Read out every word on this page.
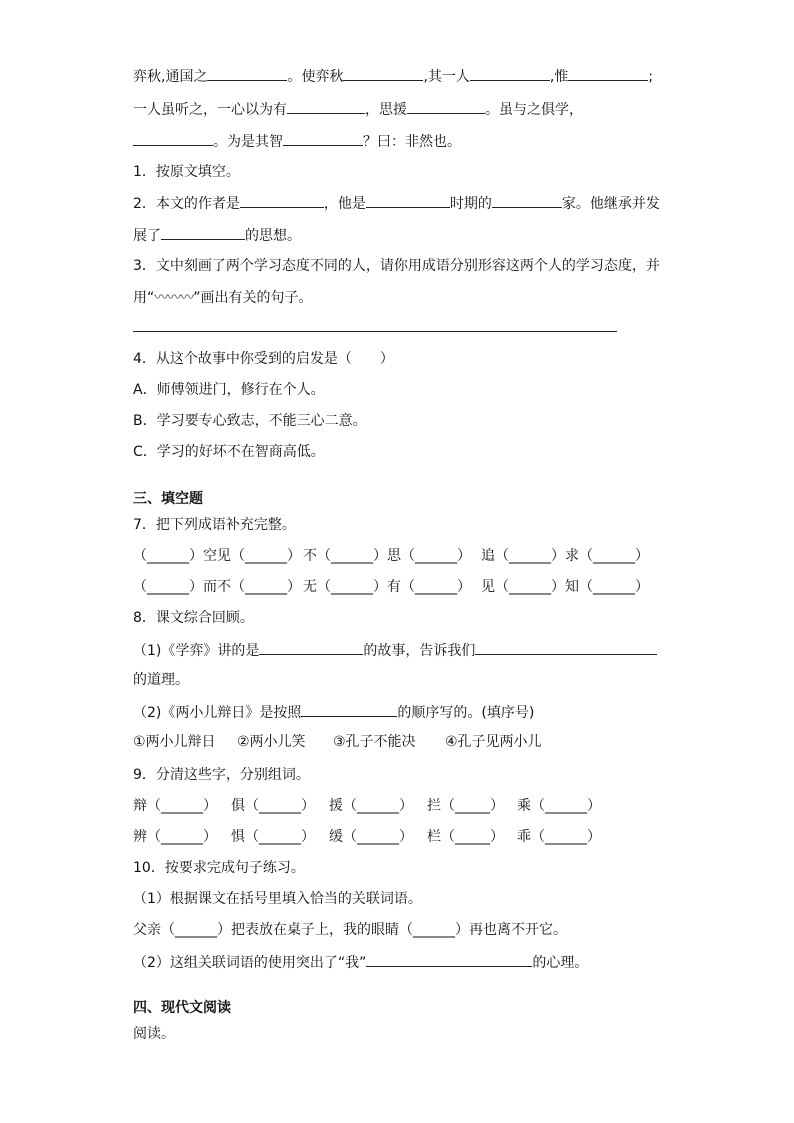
弈秋,通国之	。使弈秋	,其一人	,惟	;
一人虽听之，一心以为有	，思援	。虽与之俱学，
。为是其智	？曰：非然也。
1．按原文填空。
2．本文的作者是	，他是	时期的	家。他继承并发
展了	的思想。
3．文中刻画了两个学习态度不同的人，请你用成语分别形容这两个人的学习态度，并
用“〰〰〰”画出有关的句子。
4．从这个故事中你受到的启发是（　　）
A．师傅领进门，修行在个人。
B．学习要专心致志，不能三心二意。
C．学习的好坏不在智商高低。
三、填空题
7．把下列成语补充完整。
（______）空见（______） 不（______）思（______） 追（______）求（______）
（______）而不（______） 无（______）有（______） 见（______）知（______）
8．课文综合回顾。
（1)《学弈》讲的是	的故事，告诉我们
的道理。
（2)《两小儿辩日》是按照	的顺序写的。(填序号)
①两小儿辩日 ②两小儿笑 ③孔子不能决 ④孔子见两小儿
9．分清这些字，分别组词。
辩（______） 俱（______） 援（______） 拦（_____） 乘（______）
辨（______） 惧（______） 缓（______） 栏（_____） 乖（______）
10．按要求完成句子练习。
（1）根据课文在括号里填入恰当的关联词语。
父亲（______）把表放在桌子上，我的眼睛（______）再也离不开它。
（2）这组关联词语的使用突出了“我”	的心理。
四、现代文阅读
阅读。
